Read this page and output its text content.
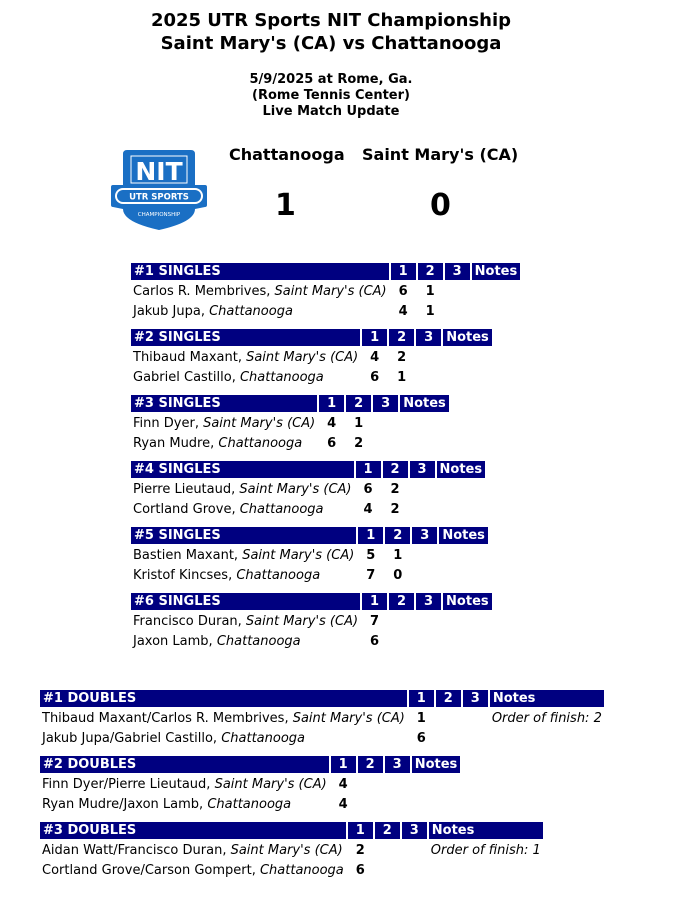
2025 UTR Sports NIT Championship
Saint Mary's (CA) vs Chattanooga
5/9/2025 at Rome, Ga.
(Rome Tennis Center)
Live Match Update
NIT
UTR SPORTS
CHAMPIONSHIP
Chattanooga Saint Mary's (CA)
1	0
#1 SINGLES	1	2	3	Notes
Carlos R. Membrives, Saint Mary's (CA)	6	1		
Jakub Jupa, Chattanooga	4	1		
#2 SINGLES	1	2	3	Notes
Thibaud Maxant, Saint Mary's (CA)	4	2		
Gabriel Castillo, Chattanooga	6	1		
#3 SINGLES	1	2	3	Notes
Finn Dyer, Saint Mary's (CA)	4	1		
Ryan Mudre, Chattanooga	6	2		
#4 SINGLES	1	2	3	Notes
Pierre Lieutaud, Saint Mary's (CA)	6	2		
Cortland Grove, Chattanooga	4	2		
#5 SINGLES	1	2	3	Notes
Bastien Maxant, Saint Mary's (CA)	5	1		
Kristof Kincses, Chattanooga	7	0		
#6 SINGLES	1	2	3	Notes
Francisco Duran, Saint Mary's (CA)	7			
Jaxon Lamb, Chattanooga	6			
#1 DOUBLES	1	2	3	Notes
Thibaud Maxant/Carlos R. Membrives, Saint Mary's (CA)	1			Order of finish: 2
Jakub Jupa/Gabriel Castillo, Chattanooga	6			
#2 DOUBLES	1	2	3	Notes
Finn Dyer/Pierre Lieutaud, Saint Mary's (CA)	4			
Ryan Mudre/Jaxon Lamb, Chattanooga	4			
#3 DOUBLES	1	2	3	Notes
Aidan Watt/Francisco Duran, Saint Mary's (CA)	2			Order of finish: 1
Cortland Grove/Carson Gompert, Chattanooga	6			
